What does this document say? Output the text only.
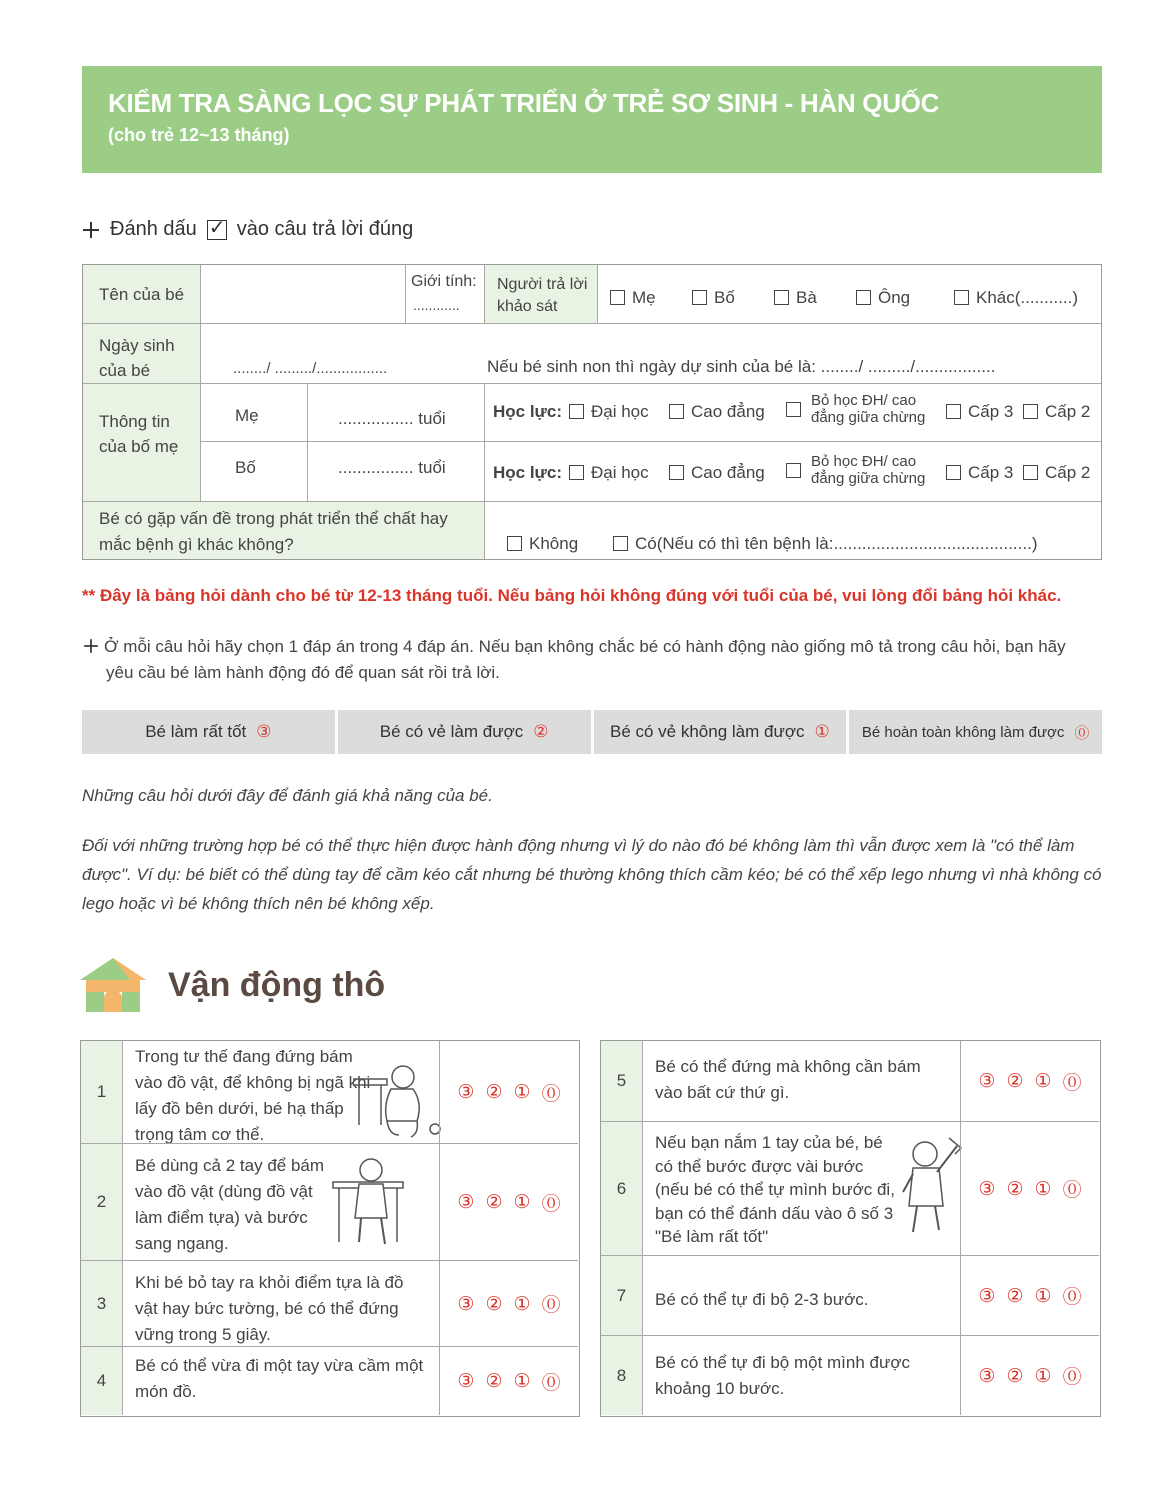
KIỂM TRA SÀNG LỌC SỰ PHÁT TRIỂN Ở TRẺ SƠ SINH - HÀN QUỐC
(cho trẻ 12~13 tháng)
Đánh dấu
✓ vào câu trả lời đúng
Tên của bé
Giới tính:
............
Người trả lời khảo sát	Mẹ	Bố	Bà	Ông	Khác(...........)
Ngày sinh của bé	......../ ........./.................	Nếu bé sinh non thì ngày dự sinh của bé là: ......../ ........./.................
Thông tin của bố mẹ
Mẹ	................ tuổi
Bố	................ tuổi
Học lực:	Đại học	Cao đẳng
Bỏ học ĐH/ cao đẳng giữa chừng	Cấp 3	Cấp 2
Học lực:	Đại học	Cao đẳng
Bỏ học ĐH/ cao đẳng giữa chừng	Cấp 3	Cấp 2
Bé có gặp vấn đề trong phát triển thể chất hay mắc bệnh gì khác không?	Không	Có(Nếu có thì tên bệnh là:..........................................)
** Đây là bảng hỏi dành cho bé từ 12-13 tháng tuổi. Nếu bảng hỏi không đúng với tuổi của bé, vui lòng đổi bảng hỏi khác.
Ở mỗi câu hỏi hãy chọn 1 đáp án trong 4 đáp án. Nếu bạn không chắc bé có hành động nào giống mô tả trong câu hỏi, bạn hãy
yêu cầu bé làm hành động đó để quan sát rồi trả lời.
Bé làm rất tốt ③	Bé có vẻ làm được ②	Bé có vẻ không làm được ① Bé hoàn toàn không làm được ⓪
Những câu hỏi dưới đây để đánh giá khả năng của bé.
Đối với những trường hợp bé có thể thực hiện được hành động nhưng vì lý do nào đó bé không làm thì vẫn được xem là "có thể làm được". Ví dụ: bé biết có thể dùng tay để cầm kéo cắt nhưng bé thường không thích cầm kéo; bé có thể xếp lego nhưng vì nhà không có lego hoặc vì bé không thích nên bé không xếp.
Vận động thô
1
Trong tư thế đang đứng bám vào đồ vật, để không bị ngã khi lấy đồ bên dưới, bé hạ thấp trọng tâm cơ thể.
③ ② ① ⓪
2
Bé dùng cả 2 tay để bám vào đồ vật (dùng đồ vật làm điểm tựa) và bước sang ngang.
③ ② ① ⓪
3
Khi bé bỏ tay ra khỏi điểm tựa là đồ vật hay bức tường, bé có thể đứng vững trong 5 giây.
③ ② ① ⓪
4
Bé có thể vừa đi một tay vừa cầm một món đồ.	③ ② ① ⓪
5
Bé có thể đứng mà không cần bám vào bất cứ thứ gì.
③ ② ① ⓪
6
Nếu bạn nắm 1 tay của bé, bé có thể bước được vài bước (nếu bé có thể tự mình bước đi, bạn có thể đánh dấu vào ô số 3 "Bé làm rất tốt"
③ ② ① ⓪
7	Bé có thể tự đi bộ 2-3 bước.	③ ② ① ⓪
8
Bé có thể tự đi bộ một mình được khoảng 10 bước.
③ ② ① ⓪
